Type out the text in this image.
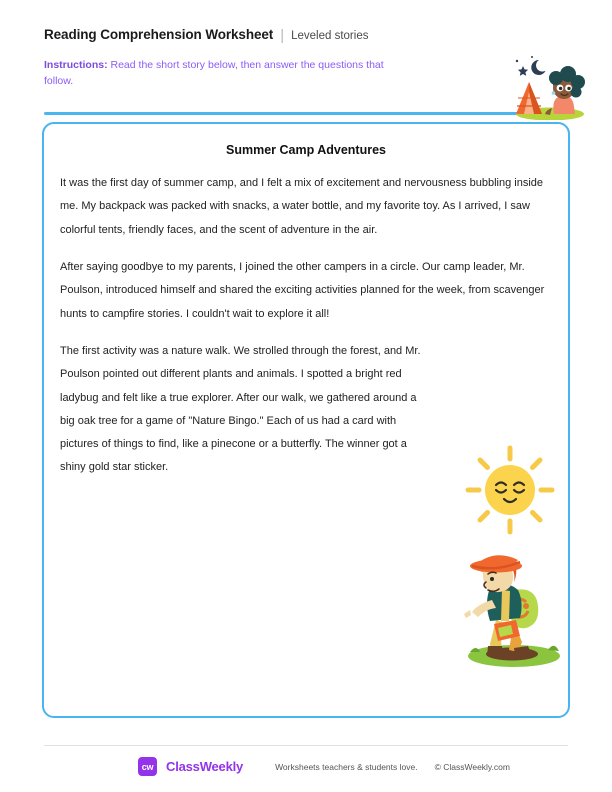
Reading Comprehension Worksheet | Leveled stories
Instructions: Read the short story below, then answer the questions that follow.
Summer Camp Adventures

It was the first day of summer camp, and I felt a mix of excitement and nervousness bubbling inside me. My backpack was packed with snacks, a water bottle, and my favorite toy. As I arrived, I saw colorful tents, friendly faces, and the scent of adventure in the air.

After saying goodbye to my parents, I joined the other campers in a circle. Our camp leader, Mr. Poulson, introduced himself and shared the exciting activities planned for the week, from scavenger hunts to campfire stories. I couldn't wait to explore it all!

The first activity was a nature walk. We strolled through the forest, and Mr. Poulson pointed out different plants and animals. I spotted a bright red ladybug and felt like a true explorer. After our walk, we gathered around a big oak tree for a game of "Nature Bingo." Each of us had a card with pictures of things to find, like a pinecone or a butterfly. The winner got a shiny gold star sticker.

cw ClassWeekly	Worksheets teachers & students love. © ClassWeekly.com
